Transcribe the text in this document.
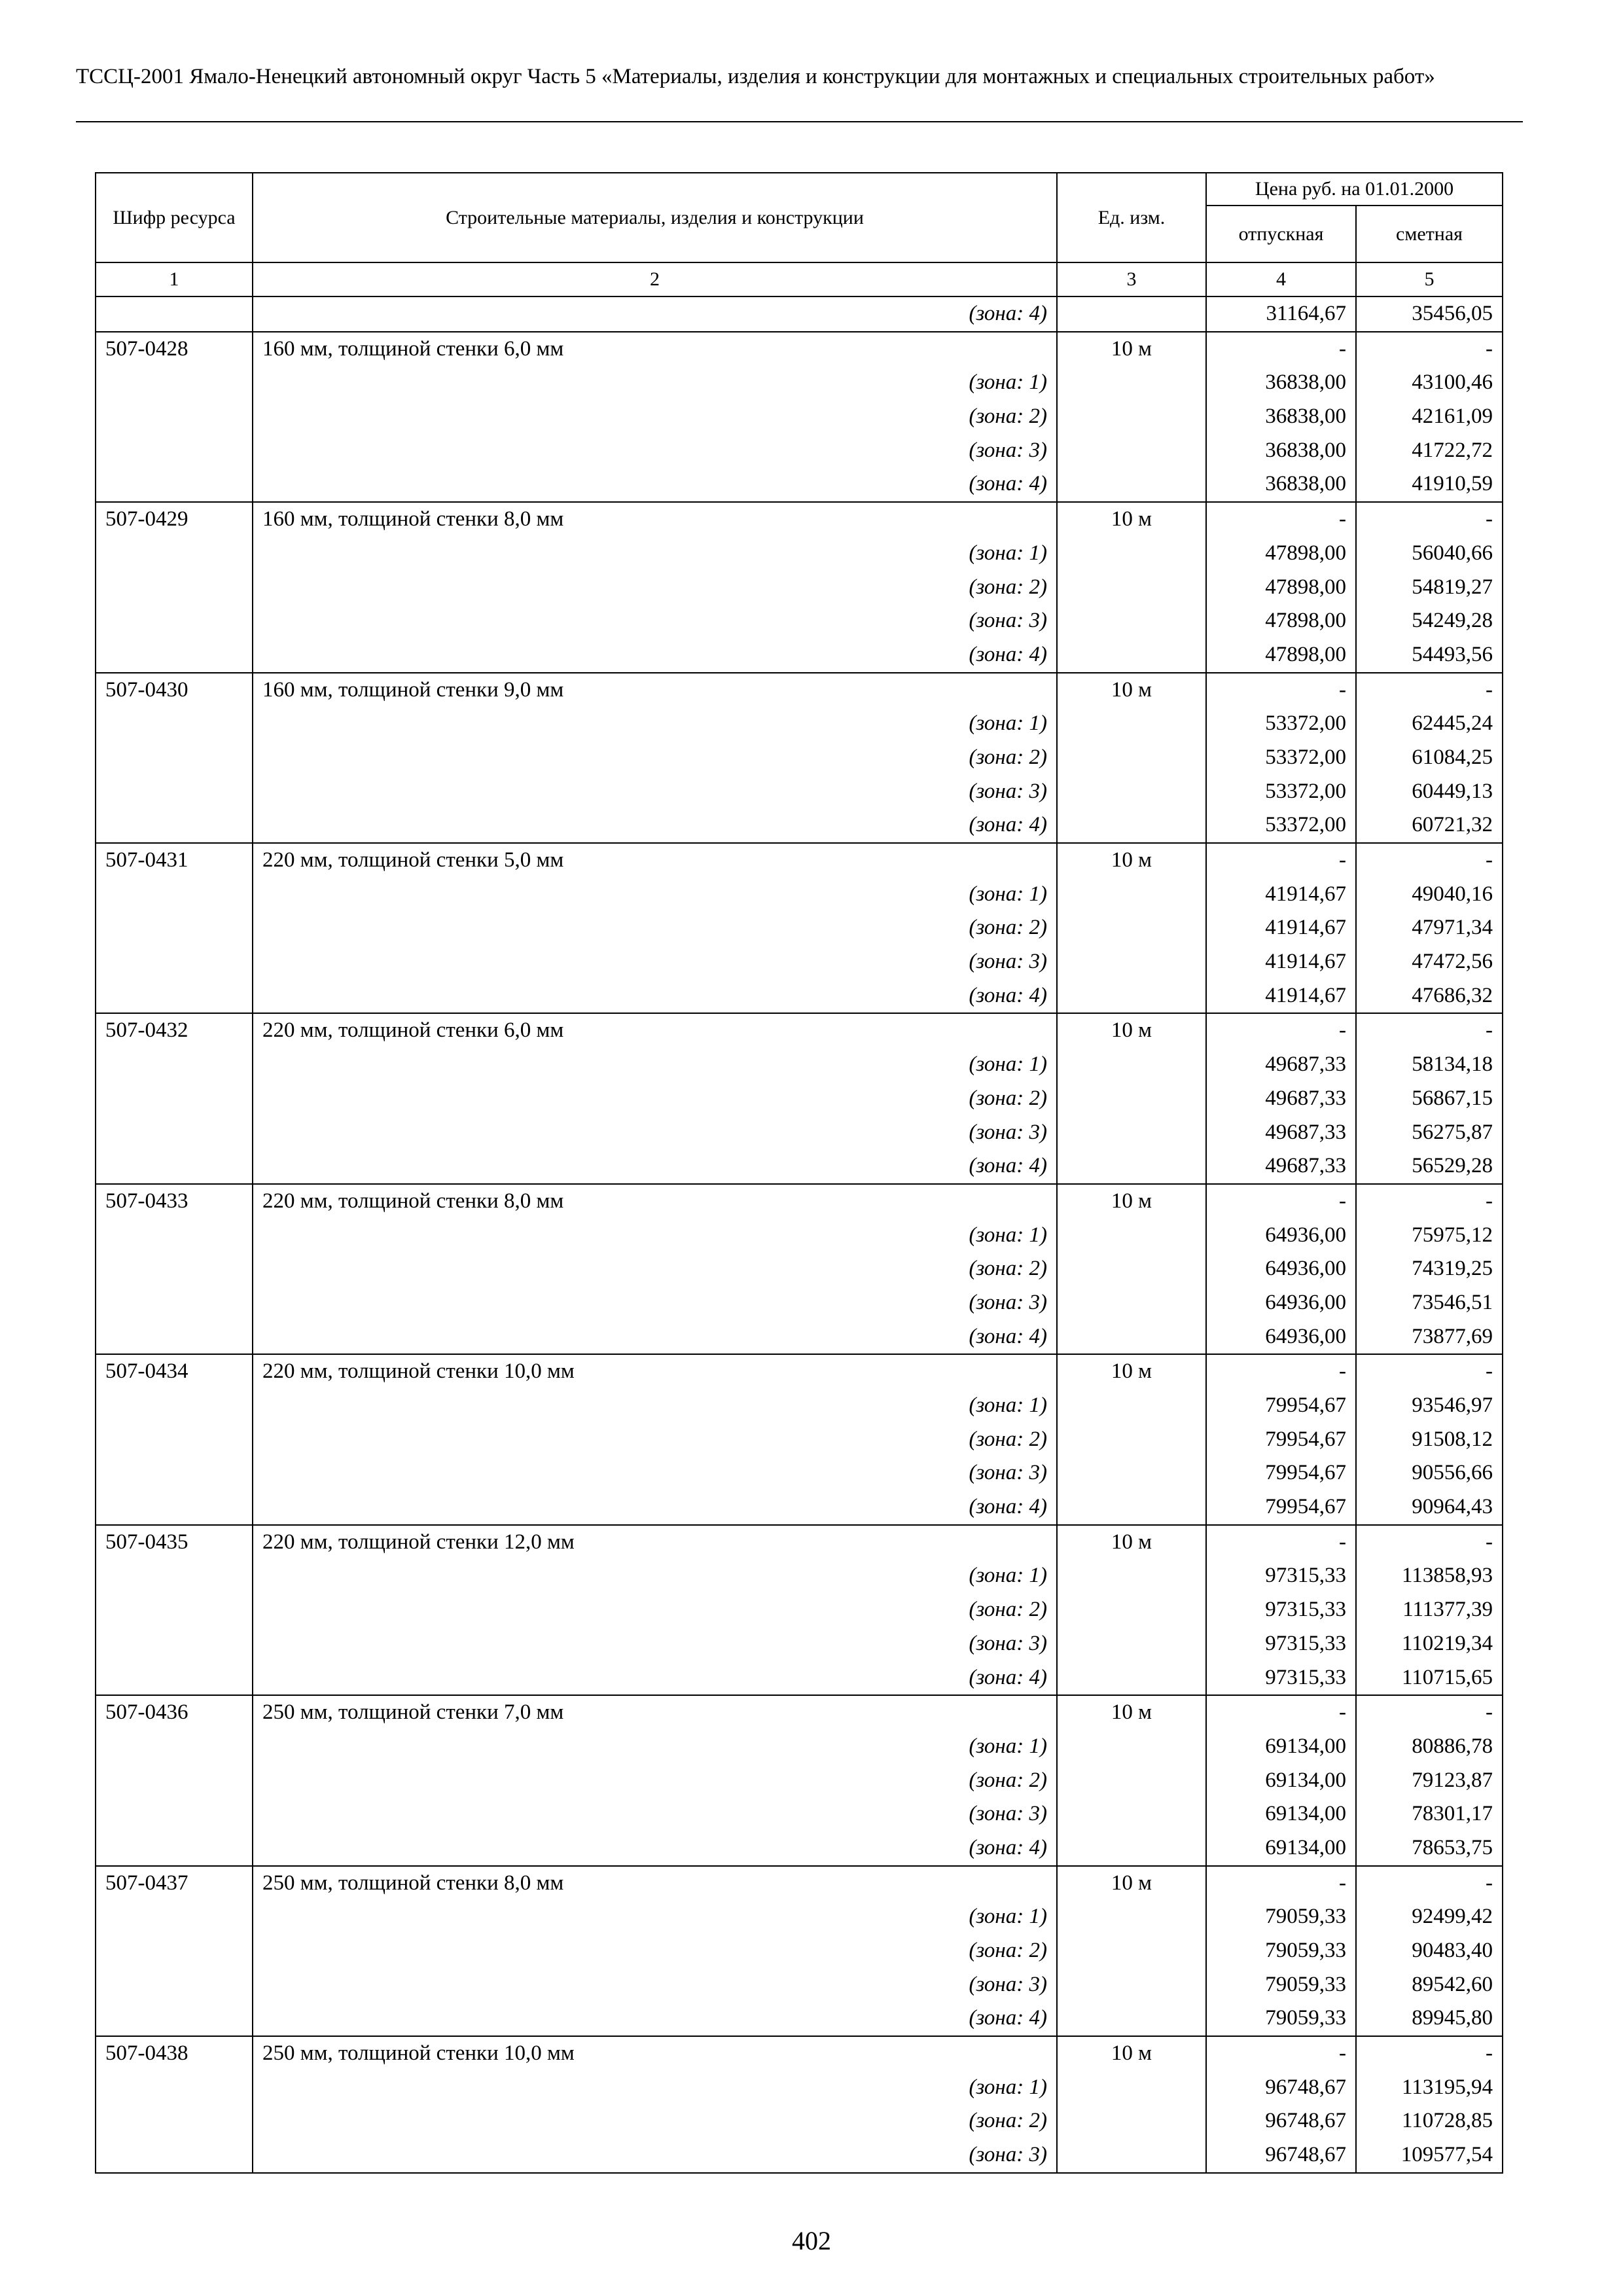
ТССЦ-2001 Ямало-Ненецкий автономный округ Часть 5 «Материалы, изделия и конструкции для монтажных и специальных строительных работ»
Шифр ресурса	Строительные материалы, изделия и конструкции	Ед. изм.	Цена руб. на 01.01.2000	
			отпускная	сметная
1	2	3	4	5
	(зона: 4)		31164,67	35456,05
507-0428	160 мм, толщиной стенки 6,0 мм	10 м	-	-
	(зона: 1)		36838,00	43100,46
	(зона: 2)		36838,00	42161,09
	(зона: 3)		36838,00	41722,72
	(зона: 4)		36838,00	41910,59
507-0429	160 мм, толщиной стенки 8,0 мм	10 м	-	-
	(зона: 1)		47898,00	56040,66
	(зона: 2)		47898,00	54819,27
	(зона: 3)		47898,00	54249,28
	(зона: 4)		47898,00	54493,56
507-0430	160 мм, толщиной стенки 9,0 мм	10 м	-	-
	(зона: 1)		53372,00	62445,24
	(зона: 2)		53372,00	61084,25
	(зона: 3)		53372,00	60449,13
	(зона: 4)		53372,00	60721,32
507-0431	220 мм, толщиной стенки 5,0 мм	10 м	-	-
	(зона: 1)		41914,67	49040,16
	(зона: 2)		41914,67	47971,34
	(зона: 3)		41914,67	47472,56
	(зона: 4)		41914,67	47686,32
507-0432	220 мм, толщиной стенки 6,0 мм	10 м	-	-
	(зона: 1)		49687,33	58134,18
	(зона: 2)		49687,33	56867,15
	(зона: 3)		49687,33	56275,87
	(зона: 4)		49687,33	56529,28
507-0433	220 мм, толщиной стенки 8,0 мм	10 м	-	-
	(зона: 1)		64936,00	75975,12
	(зона: 2)		64936,00	74319,25
	(зона: 3)		64936,00	73546,51
	(зона: 4)		64936,00	73877,69
507-0434	220 мм, толщиной стенки 10,0 мм	10 м	-	-
	(зона: 1)		79954,67	93546,97
	(зона: 2)		79954,67	91508,12
	(зона: 3)		79954,67	90556,66
	(зона: 4)		79954,67	90964,43
507-0435	220 мм, толщиной стенки 12,0 мм	10 м	-	-
	(зона: 1)		97315,33	113858,93
	(зона: 2)		97315,33	111377,39
	(зона: 3)		97315,33	110219,34
	(зона: 4)		97315,33	110715,65
507-0436	250 мм, толщиной стенки 7,0 мм	10 м	-	-
	(зона: 1)		69134,00	80886,78
	(зона: 2)		69134,00	79123,87
	(зона: 3)		69134,00	78301,17
	(зона: 4)		69134,00	78653,75
507-0437	250 мм, толщиной стенки 8,0 мм	10 м	-	-
	(зона: 1)		79059,33	92499,42
	(зона: 2)		79059,33	90483,40
	(зона: 3)		79059,33	89542,60
	(зона: 4)		79059,33	89945,80
507-0438	250 мм, толщиной стенки 10,0 мм	10 м	-	-
	(зона: 1)		96748,67	113195,94
	(зона: 2)		96748,67	110728,85
	(зона: 3)		96748,67	109577,54
402
